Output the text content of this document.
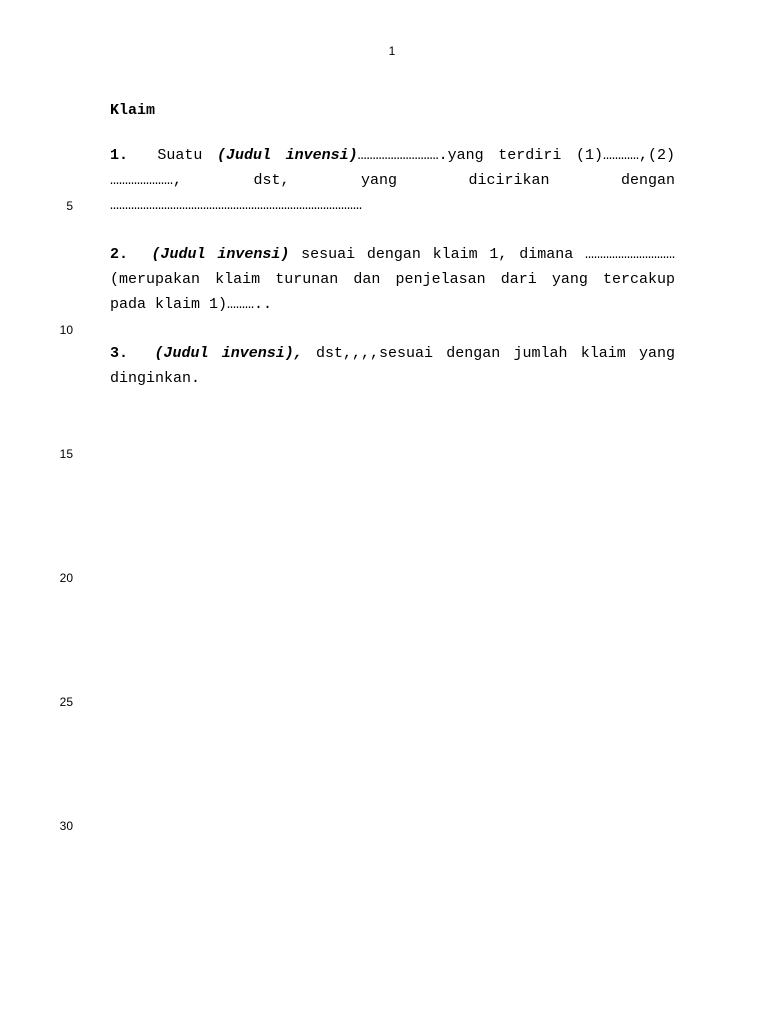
1
5
10
15
20
25
30
Klaim
1. Suatu (Judul invensi)……………………….yang terdiri (1)…………,(2)
…………………, dst, yang dicirikan dengan
…………………………………………………………………………
2. (Judul invensi) sesuai dengan klaim 1, dimana …………………………
(merupakan klaim turunan dan penjelasan dari yang tercakup
pada klaim 1)………..
3. (Judul invensi), dst,,,,sesuai dengan jumlah klaim yang
dinginkan.
